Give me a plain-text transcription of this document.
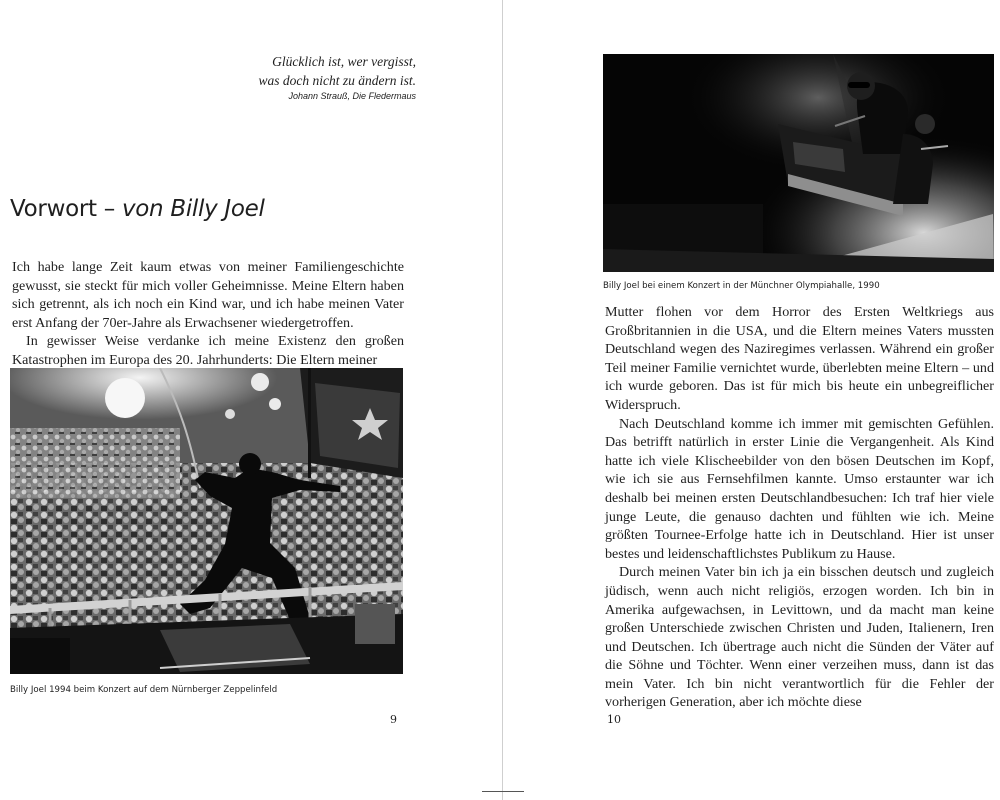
Glücklich ist, wer vergisst,
was doch nicht zu ändern ist.
Johann Strauß, Die Fledermaus
Vorwort – von Billy Joel

Ich habe lange Zeit kaum etwas von meiner Familiengeschichte gewusst, sie steckt für mich voller Geheimnisse. Meine Eltern haben sich getrennt, als ich noch ein Kind war, und ich habe meinen Vater erst Anfang der 70er-Jahre als Erwachsener wiedergetroffen.

In gewisser Weise verdanke ich meine Existenz den großen Katastrophen im Europa des 20. Jahrhunderts: Die Eltern meiner

Billy Joel 1994 beim Konzert auf dem Nürnberger Zeppelinfeld
9
Billy Joel bei einem Konzert in der Münchner Olympiahalle, 1990

Mutter flohen vor dem Horror des Ersten Weltkriegs aus Großbritannien in die USA, und die Eltern meines Vaters mussten Deutschland wegen des Naziregimes verlassen. Während ein großer Teil meiner Familie vernichtet wurde, überlebten meine Eltern – und ich wurde geboren. Das ist für mich bis heute ein unbegreiflicher Widerspruch.

Nach Deutschland komme ich immer mit gemischten Gefühlen. Das betrifft natürlich in erster Linie die Vergangenheit. Als Kind hatte ich viele Klischeebilder von den bösen Deutschen im Kopf, wie ich sie aus Fernsehfilmen kannte. Umso erstaunter war ich deshalb bei meinen ersten Deutschlandbesuchen: Ich traf hier viele junge Leute, die genauso dachten und fühlten wie ich. Meine größten Tournee-Erfolge hatte ich in Deutschland. Hier ist unser bestes und leidenschaftlichstes Publikum zu Hause.

Durch meinen Vater bin ich ja ein bisschen deutsch und zugleich jüdisch, wenn auch nicht religiös, erzogen worden. Ich bin in Amerika aufgewachsen, in Levittown, und da macht man keine großen Unterschiede zwischen Christen und Juden, Italienern, Iren und Deutschen. Ich übertrage auch nicht die Sünden der Väter auf die Söhne und Töchter. Wenn einer verzeihen muss, dann ist das mein Vater. Ich bin nicht verantwortlich für die Fehler der vorherigen Generation, aber ich möchte diese

10
